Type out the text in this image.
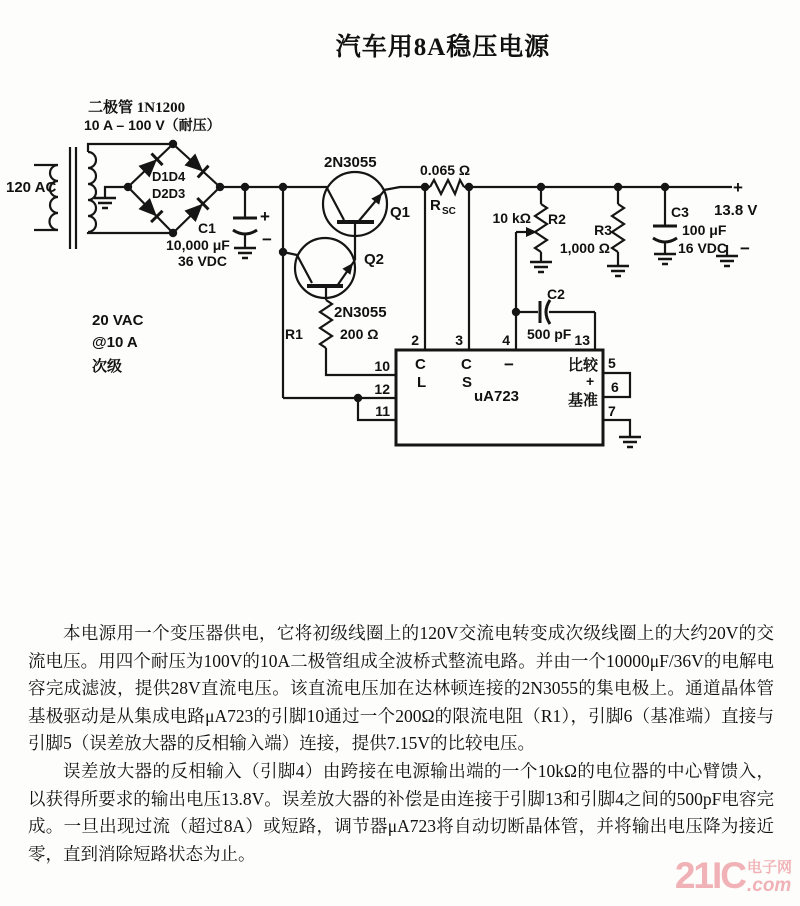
汽车用8A稳压电源
二极管 1N1200
10 A – 100 V（耐压）
120 AC
D1D4
D2D3
C1
10,000 μF
36 VDC
+
−
20 VAC
@10 A
次级
2N3055
Q1
Q2
2N3055
R1	200 Ω
0.065 Ω
R SC	10 kΩ R2
R3
1,000 Ω
C2
500 pF
C3
100 μF
16 VDC
+
13.8 V
−
2	3	4	13
10
12
11
5
6
7
C
L
C
S
−	比较
+
基准
uA723

本电源用一个变压器供电，它将初级线圈上的120V交流电转变成次级线圈上的大约20V的交流电压。用四个耐压为100V的10A二极管组成全波桥式整流电路。并由一个10000μF/36V的电解电容完成滤波，提供28V直流电压。该直流电压加在达林顿连接的2N3055的集电极上。通道晶体管基极驱动是从集成电路μA723的引脚10通过一个200Ω的限流电阻（R1），引脚6（基准端）直接与引脚5（误差放大器的反相输入端）连接，提供7.15V的比较电压。

误差放大器的反相输入（引脚4）由跨接在电源输出端的一个10kΩ的电位器的中心臂馈入，以获得所要求的输出电压13.8V。误差放大器的补偿是由连接于引脚13和引脚4之间的500pF电容完成。一旦出现过流（超过8A）或短路，调节器μA723将自动切断晶体管，并将输出电压降为接近零，直到消除短路状态为止。

21IC 电子网
.com
